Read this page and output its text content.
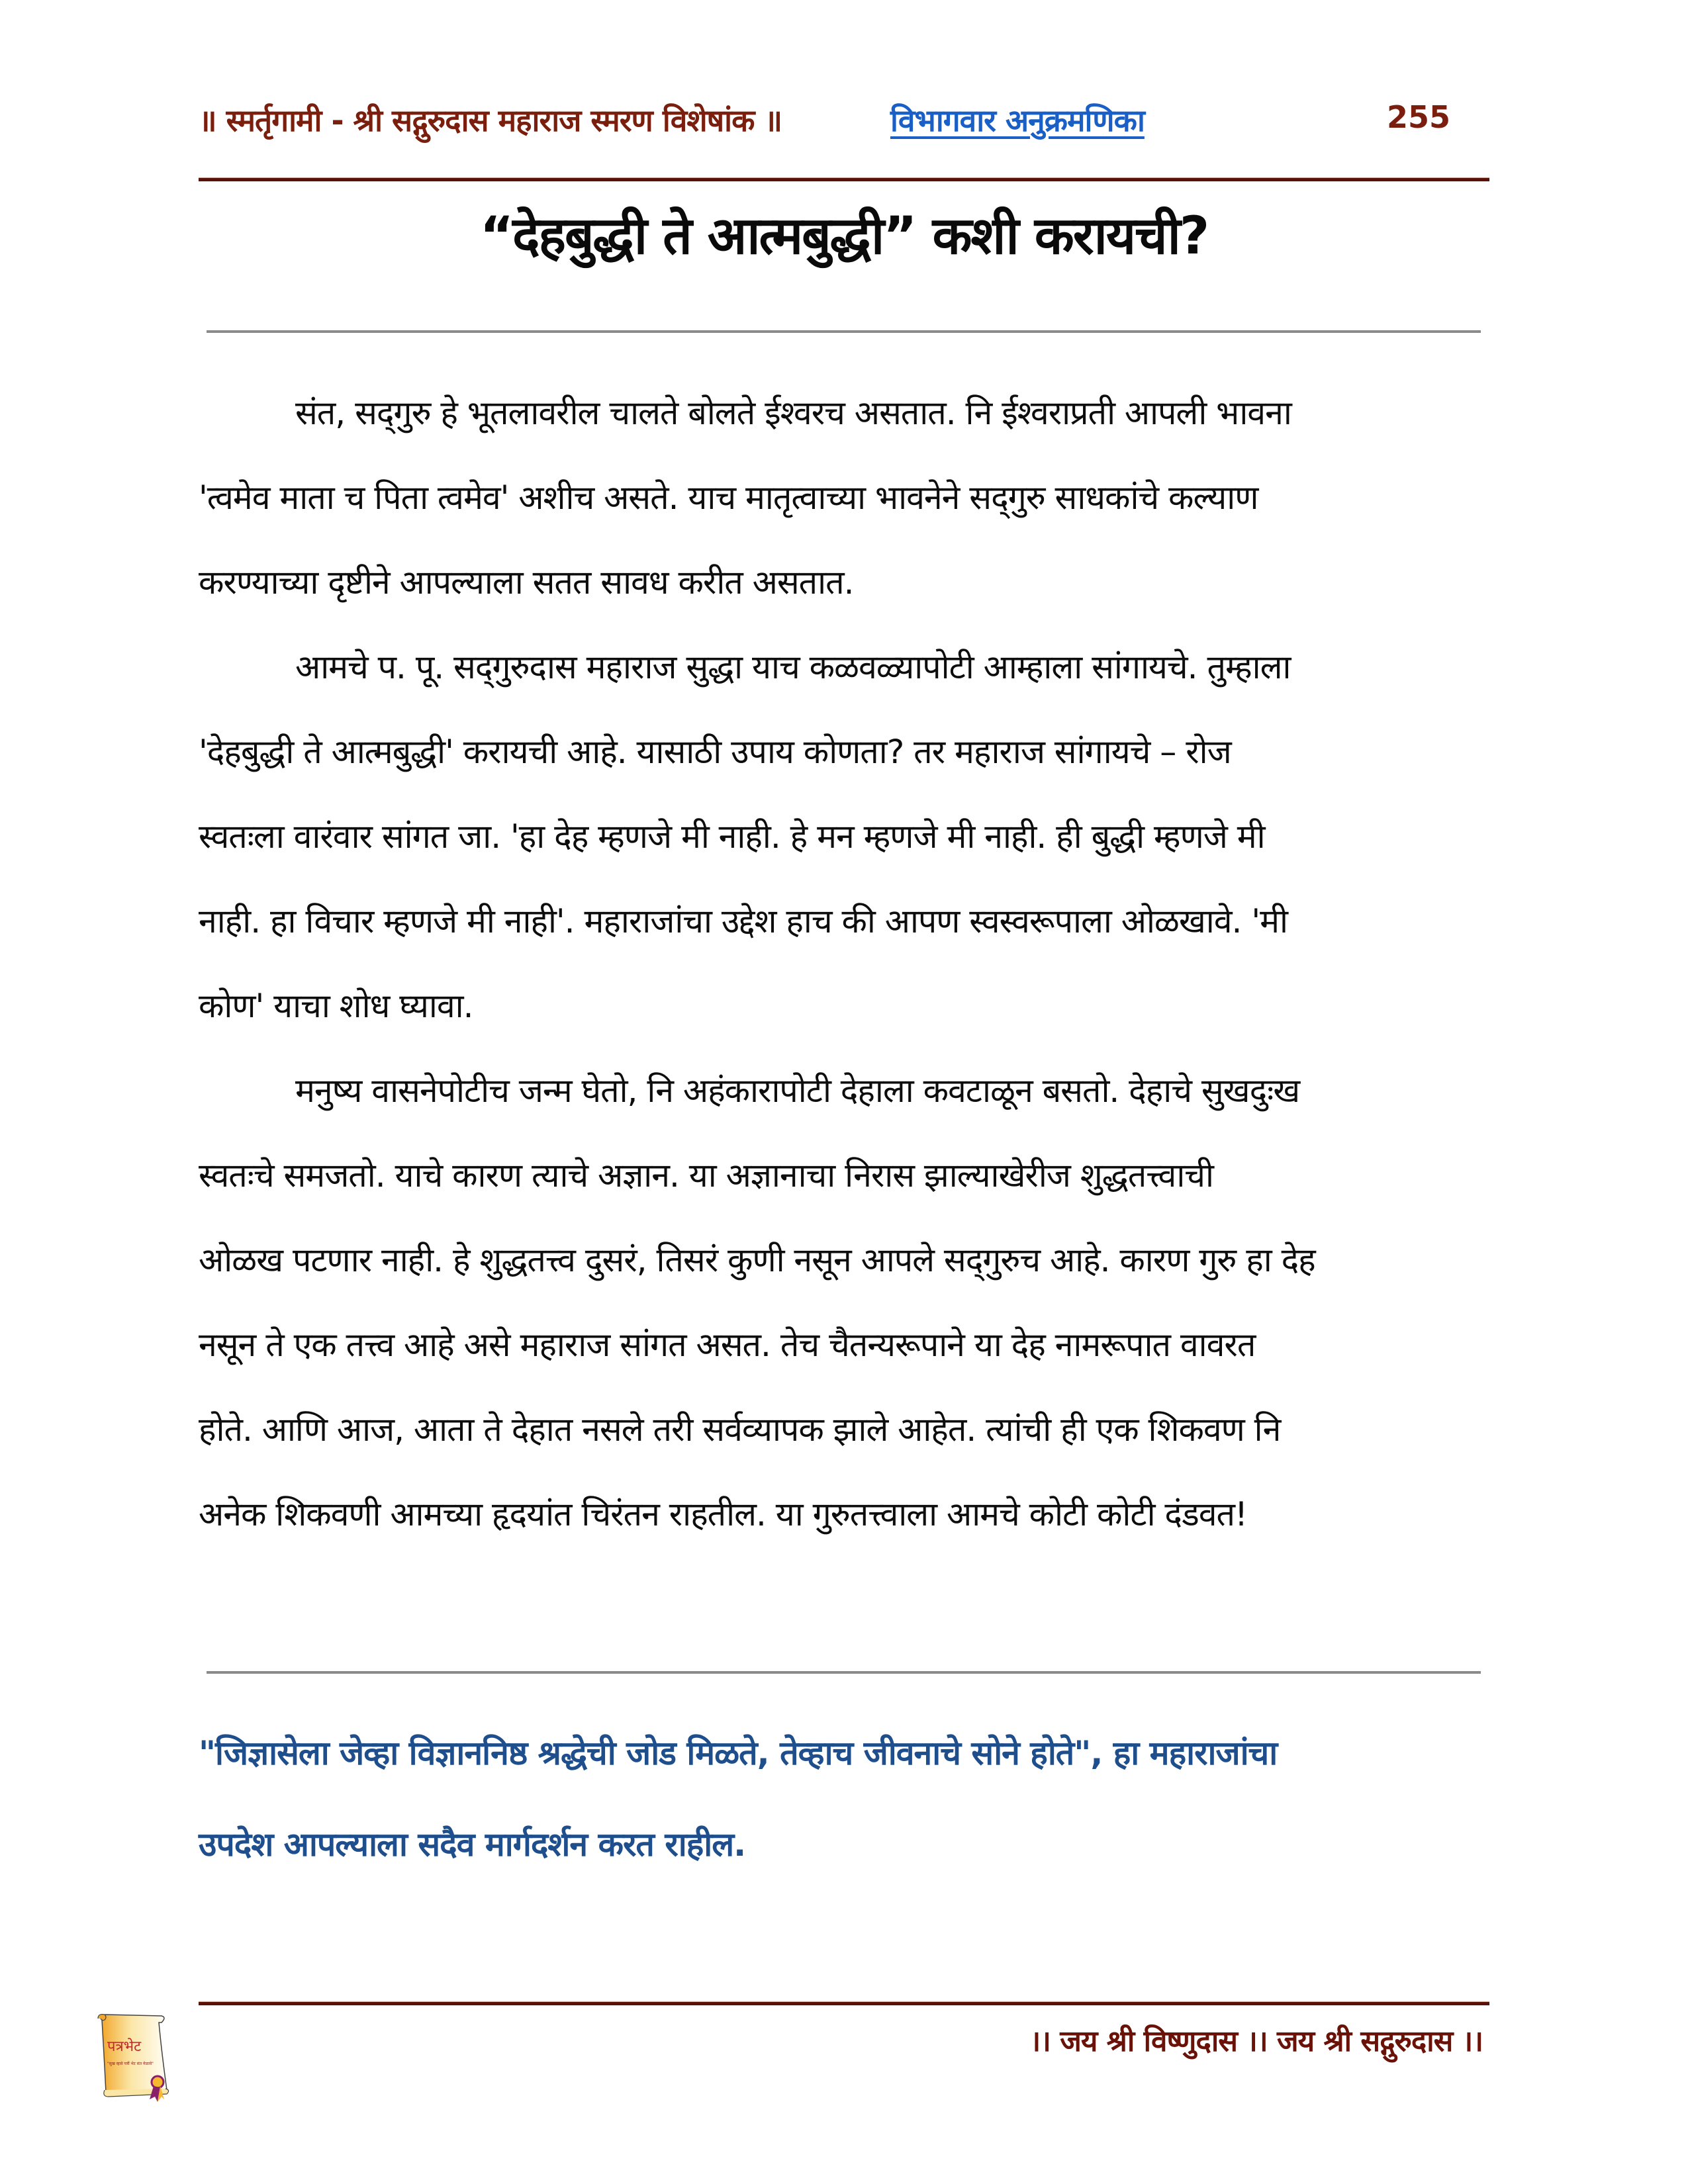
॥ स्मर्तृगामी - श्री सद्गुरुदास महाराज स्मरण विशेषांक ॥	विभागवार अनुक्रमणिका	255
“देहबुद्धी ते आत्मबुद्धी” कशी करायची?

संत, सद्‌गुरु हे भूतलावरील चालते बोलते ईश्वरच असतात. नि ईश्वराप्रती आपली भावना
'त्वमेव माता च पिता त्वमेव' अशीच असते. याच मातृत्वाच्या भावनेने सद्‌गुरु साधकांचे कल्याण
करण्याच्या दृष्टीने आपल्याला सतत सावध करीत असतात.

आमचे प. पू. सद्‌गुरुदास महाराज सुद्धा याच कळवळ्यापोटी आम्हाला सांगायचे. तुम्हाला
'देहबुद्धी ते आत्मबुद्धी' करायची आहे. यासाठी उपाय कोणता? तर महाराज सांगायचे – रोज
स्वतःला वारंवार सांगत जा. 'हा देह म्हणजे मी नाही. हे मन म्हणजे मी नाही. ही बुद्धी म्हणजे मी
नाही. हा विचार म्हणजे मी नाही'. महाराजांचा उद्देश हाच की आपण स्वस्वरूपाला ओळखावे. 'मी
कोण' याचा शोध घ्यावा.

मनुष्य वासनेपोटीच जन्म घेतो, नि अहंकारापोटी देहाला कवटाळून बसतो. देहाचे सुखदुःख
स्वतःचे समजतो. याचे कारण त्याचे अज्ञान. या अज्ञानाचा निरास झाल्याखेरीज शुद्धतत्त्वाची
ओळख पटणार नाही. हे शुद्धतत्त्व दुसरं, तिसरं कुणी नसून आपले सद्‌गुरुच आहे. कारण गुरु हा देह
नसून ते एक तत्त्व आहे असे महाराज सांगत असत. तेच चैतन्यरूपाने या देह नामरूपात वावरत
होते. आणि आज, आता ते देहात नसले तरी सर्वव्यापक झाले आहेत. त्यांची ही एक शिकवण नि
अनेक शिकवणी आमच्या हृदयांत चिरंतन राहतील. या गुरुतत्त्वाला आमचे कोटी कोटी दंडवत!

"जिज्ञासेला जेव्हा विज्ञाननिष्ठ श्रद्धेची जोड मिळते, तेव्हाच जीवनाचे सोने होते", हा महाराजांचा
उपदेश आपल्याला सदैव मार्गदर्शन करत राहील.
पत्रभेट
"सुख व्हावे पत्रीं भेट संत मेळावे"
।। जय श्री विष्णुदास ।। जय श्री सद्गुरुदास ।।
